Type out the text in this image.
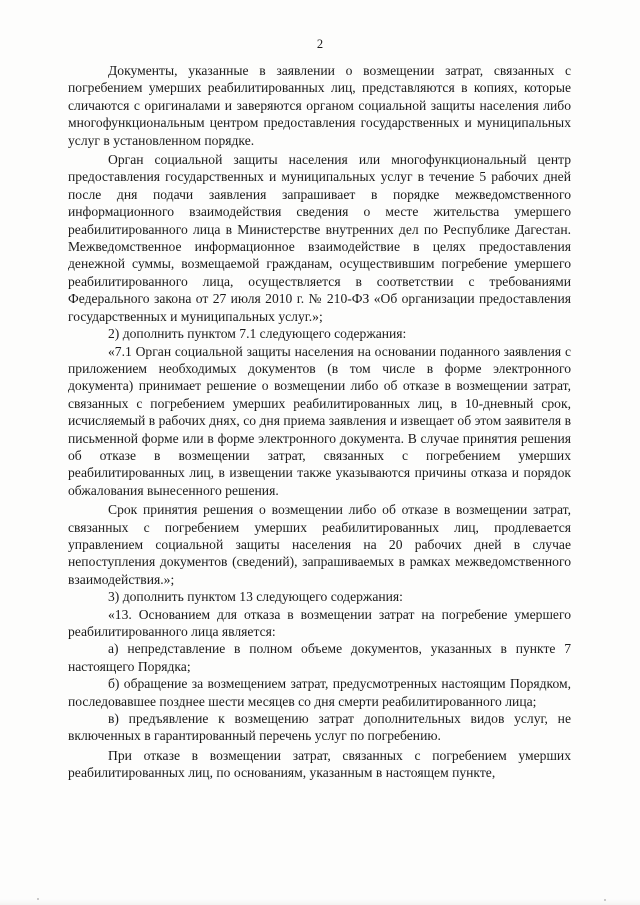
2

Документы, указанные в заявлении о возмещении затрат, связанных с погребением умерших реабилитированных лиц, представляются в копиях, которые сличаются с оригиналами и заверяются органом социальной защиты населения либо многофункциональным центром предоставления государственных и муниципальных услуг в установленном порядке.

Орган социальной защиты населения или многофункциональный центр предоставления государственных и муниципальных услуг в течение 5 рабочих дней после дня подачи заявления запрашивает в порядке межведомственного информационного взаимодействия сведения о месте жительства умершего реабилитированного лица в Министерстве внутренних дел по Республике Дагестан. Межведомственное информационное взаимодействие в целях предоставления денежной суммы, возмещаемой гражданам, осуществившим погребение умершего реабилитированного лица, осуществляется в соответствии с требованиями Федерального закона от 27 июля 2010 г. № 210-ФЗ «Об организации предоставления государственных и муниципальных услуг.»;

2) дополнить пунктом 7.1 следующего содержания:

«7.1 Орган социальной защиты населения на основании поданного заявления с приложением необходимых документов (в том числе в форме электронного документа) принимает решение о возмещении либо об отказе в возмещении затрат, связанных с погребением умерших реабилитированных лиц, в 10-дневный срок, исчисляемый в рабочих днях, со дня приема заявления и извещает об этом заявителя в письменной форме или в форме электронного документа. В случае принятия решения об отказе в возмещении затрат, связанных с погребением умерших реабилитированных лиц, в извещении также указываются причины отказа и порядок обжалования вынесенного решения.

Срок принятия решения о возмещении либо об отказе в возмещении затрат, связанных с погребением умерших реабилитированных лиц, продлевается управлением социальной защиты населения на 20 рабочих дней в случае непоступления документов (сведений), запрашиваемых в рамках межведомственного взаимодействия.»;

3) дополнить пунктом 13 следующего содержания:

«13. Основанием для отказа в возмещении затрат на погребение умершего реабилитированного лица является:

а) непредставление в полном объеме документов, указанных в пункте 7 настоящего Порядка;

б) обращение за возмещением затрат, предусмотренных настоящим Порядком, последовавшее позднее шести месяцев со дня смерти реабилитированного лица;

в) предъявление к возмещению затрат дополнительных видов услуг, не включенных в гарантированный перечень услуг по погребению.

При отказе в возмещении затрат, связанных с погребением умерших реабилитированных лиц, по основаниям, указанным в настоящем пункте,
